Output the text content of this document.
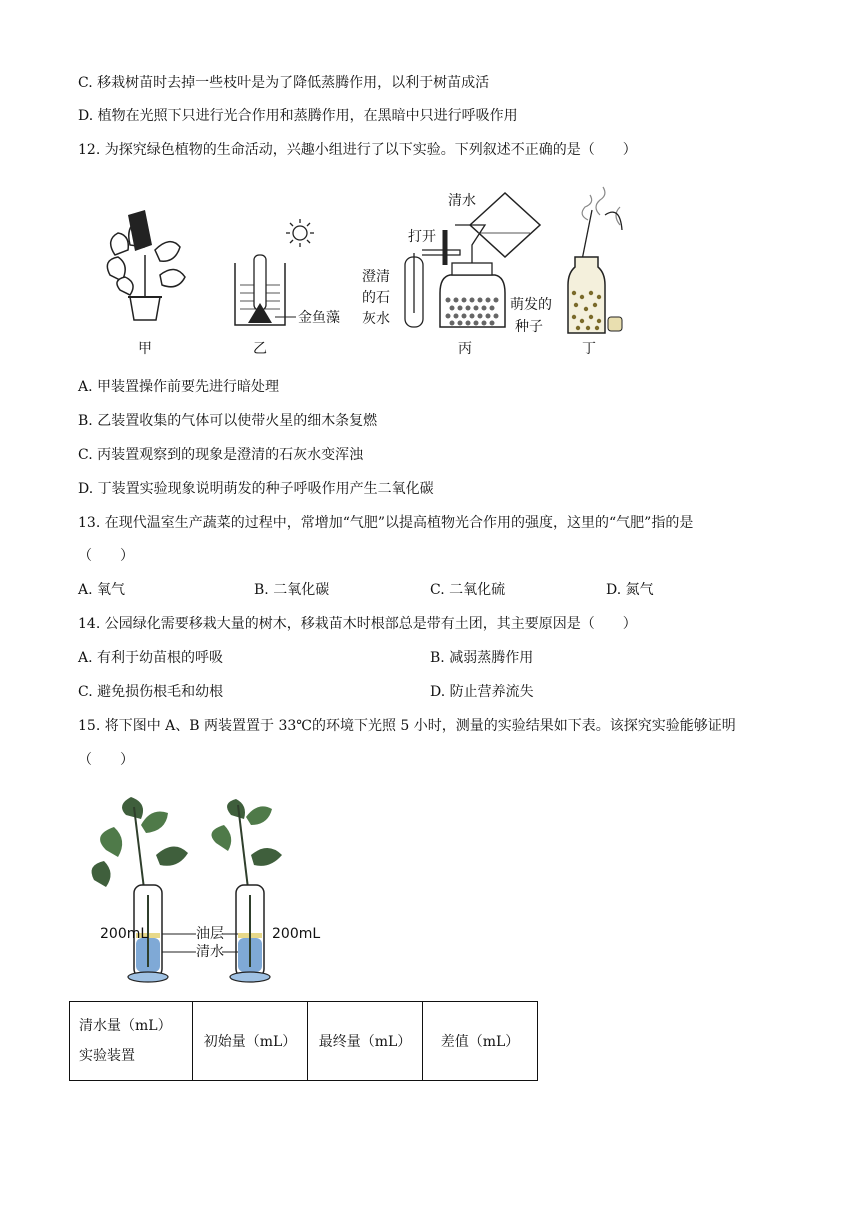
C. 移栽树苗时去掉一些枝叶是为了降低蒸腾作用，以利于树苗成活
D. 植物在光照下只进行光合作用和蒸腾作用，在黑暗中只进行呼吸作用
12. 为探究绿色植物的生命活动，兴趣小组进行了以下实验。下列叙述不正确的是（　　）
甲
金鱼藻
乙
清水
打开
澄清
的石
灰水
萌发的
种子
丙	丁
A. 甲装置操作前要先进行暗处理
B. 乙装置收集的气体可以使带火星的细木条复燃
C. 丙装置观察到的现象是澄清的石灰水变浑浊
D. 丁装置实验现象说明萌发的种子呼吸作用产生二氧化碳
13. 在现代温室生产蔬菜的过程中，常增加“气肥”以提高植物光合作用的强度，这里的“气肥”指的是
（　　）
A. 氧气	B. 二氧化碳	C. 二氧化硫	D. 氮气
14. 公园绿化需要移栽大量的树木，移栽苗木时根部总是带有土团，其主要原因是（　　）
A. 有利于幼苗根的呼吸	B. 减弱蒸腾作用
C. 避免损伤根毛和幼根	D. 防止营养流失
15. 将下图中 A、B 两装置置于 33℃的环境下光照 5 小时，测量的实验结果如下表。该探究实验能够证明
（　　）
200mL	200mL
油层
清水
清水量（mL）
实验装置
	初始量（mL）	最终量（mL）	差值（mL）
